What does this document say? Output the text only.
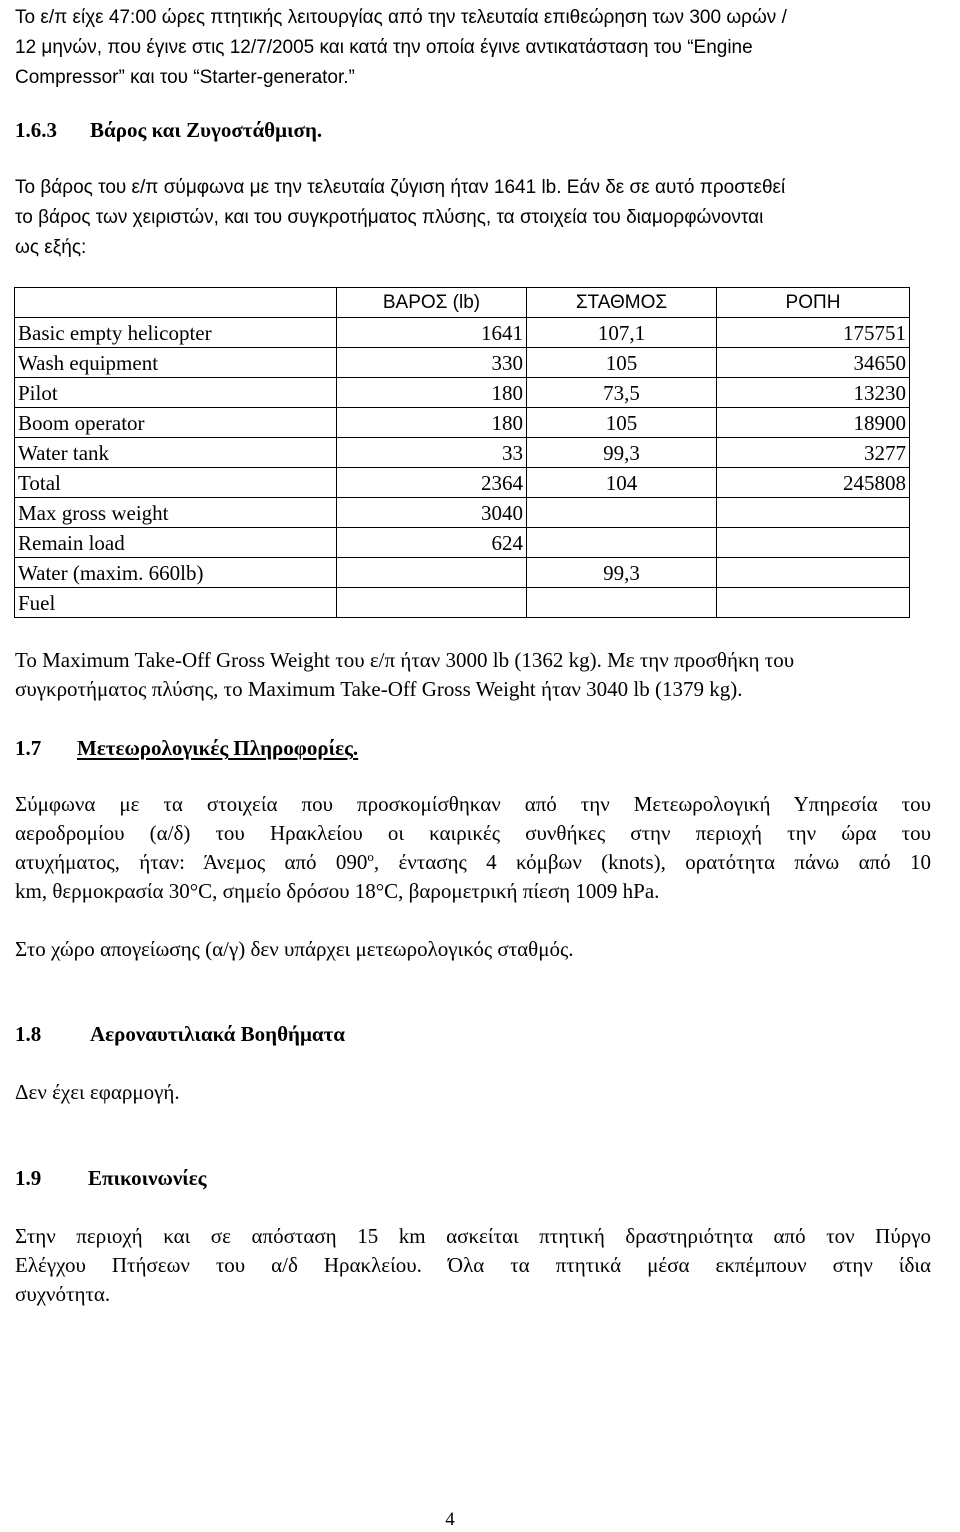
Το ε/π είχε 47:00 ώρες πτητικής λειτουργίας από την τελευταία επιθεώρηση των 300 ωρών /
12 μηνών, που έγινε στις 12/7/2005 και κατά την οποία έγινε αντικατάσταση του “Engine
Compressor” και του “Starter-generator.”
1.6.3 Βάρος και Ζυγοστάθμιση.
Το βάρος του ε/π σύμφωνα με την τελευταία ζύγιση ήταν 1641 lb. Εάν δε σε αυτό προστεθεί
το βάρος των χειριστών, και του συγκροτήματος πλύσης, τα στοιχεία του διαμορφώνονται
ως εξής:
	ΒΑΡΟΣ (lb)	ΣΤΑΘΜΟΣ	ΡΟΠΗ
Basic empty helicopter	1641	107,1	175751
Wash equipment	330	105	34650
Pilot	180	73,5	13230
Boom operator	180	105	18900
Water tank	33	99,3	3277
Total	2364	104	245808
Max gross weight	3040		
Remain load	624		
Water (maxim. 660lb)		99,3	
Fuel			
Το Maximum Take-Off Gross Weight του ε/π ήταν 3000 lb (1362 kg). Με την προσθήκη του
συγκροτήματος πλύσης, το Maximum Take-Off Gross Weight ήταν 3040 lb (1379 kg).
1.7 Μετεωρολογικές Πληροφορίες.
Σύμφωνα με τα στοιχεία που προσκομίσθηκαν από την Μετεωρολογική Υπηρεσία του
αεροδρομίου (α/δ) του Ηρακλείου οι καιρικές συνθήκες στην περιοχή την ώρα του
ατυχήματος, ήταν: Άνεμος από $090^o$, έντασης 4 κόμβων (knots), ορατότητα πάνω από 10
km, θερμοκρασία 30°C, σημείο δρόσου 18°C, βαρομετρική πίεση 1009 hPa.
Στο χώρο απογείωσης (α/γ) δεν υπάρχει μετεωρολογικός σταθμός.
1.8 Αεροναυτιλιακά Βοηθήματα
Δεν έχει εφαρμογή.
1.9 Επικοινωνίες
Στην περιοχή και σε απόσταση 15 km ασκείται πτητική δραστηριότητα από τον Πύργο
Ελέγχου Πτήσεων του α/δ Ηρακλείου. Όλα τα πτητικά μέσα εκπέμπουν στην ίδια
συχνότητα.
4
